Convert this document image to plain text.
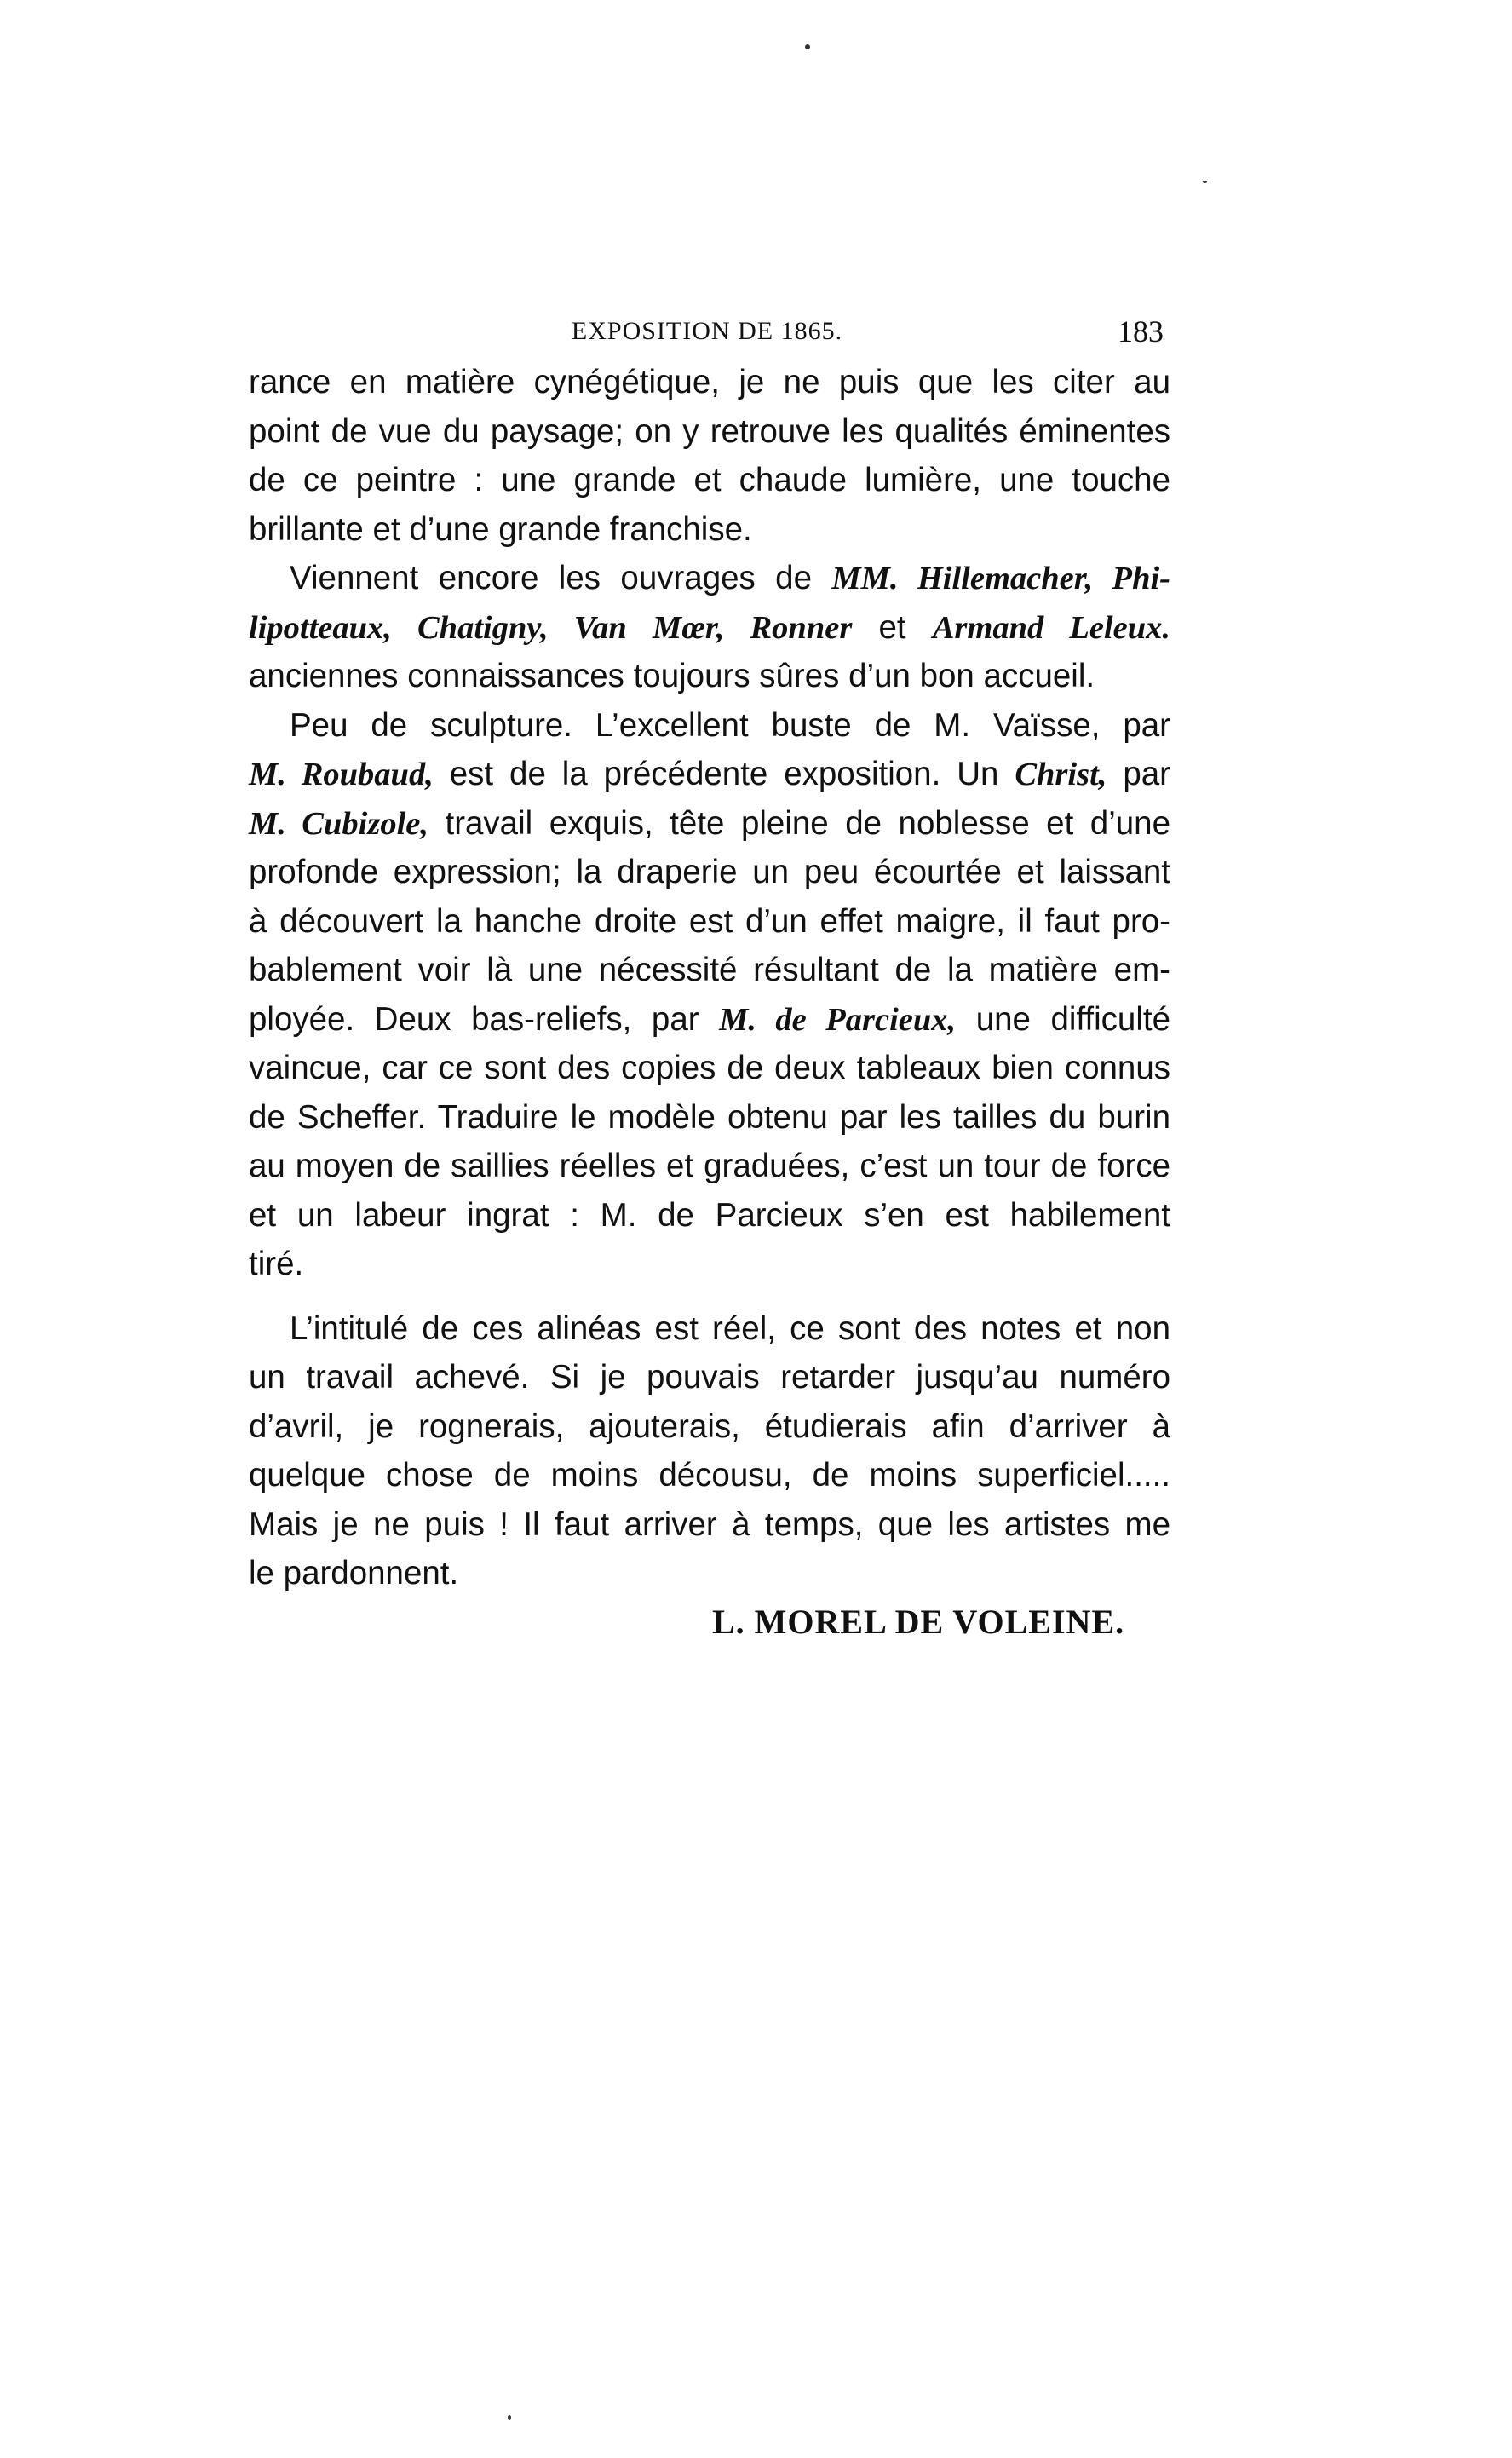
EXPOSITION DE 1865.	183
rance en matière cynégétique, je ne puis que les citer au
point de vue du paysage; on y retrouve les qualités éminentes
de ce peintre : une grande et chaude lumière, une touche
brillante et d’une grande franchise.
Viennent encore les ouvrages de MM. Hillemacher, Phi-
lipotteaux, Chatigny, Van Mœr, Ronner et Armand Leleux.
anciennes connaissances toujours sûres d’un bon accueil.
Peu de sculpture. L’excellent buste de M. Vaïsse, par
M. Roubaud, est de la précédente exposition. Un Christ, par
M. Cubizole, travail exquis, tête pleine de noblesse et d’une
profonde expression; la draperie un peu écourtée et laissant
à découvert la hanche droite est d’un effet maigre, il faut pro-
bablement voir là une nécessité résultant de la matière em-
ployée. Deux bas-reliefs, par M. de Parcieux, une difficulté
vaincue, car ce sont des copies de deux tableaux bien connus
de Scheffer. Traduire le modèle obtenu par les tailles du burin
au moyen de saillies réelles et graduées, c’est un tour de force
et un labeur ingrat : M. de Parcieux s’en est habilement
tiré.
L’intitulé de ces alinéas est réel, ce sont des notes et non
un travail achevé. Si je pouvais retarder jusqu’au numéro
d’avril, je rognerais, ajouterais, étudierais afin d’arriver à
quelque chose de moins décousu, de moins superficiel.....
Mais je ne puis ! Il faut arriver à temps, que les artistes me
le pardonnent.
L. MOREL DE VOLEINE.
